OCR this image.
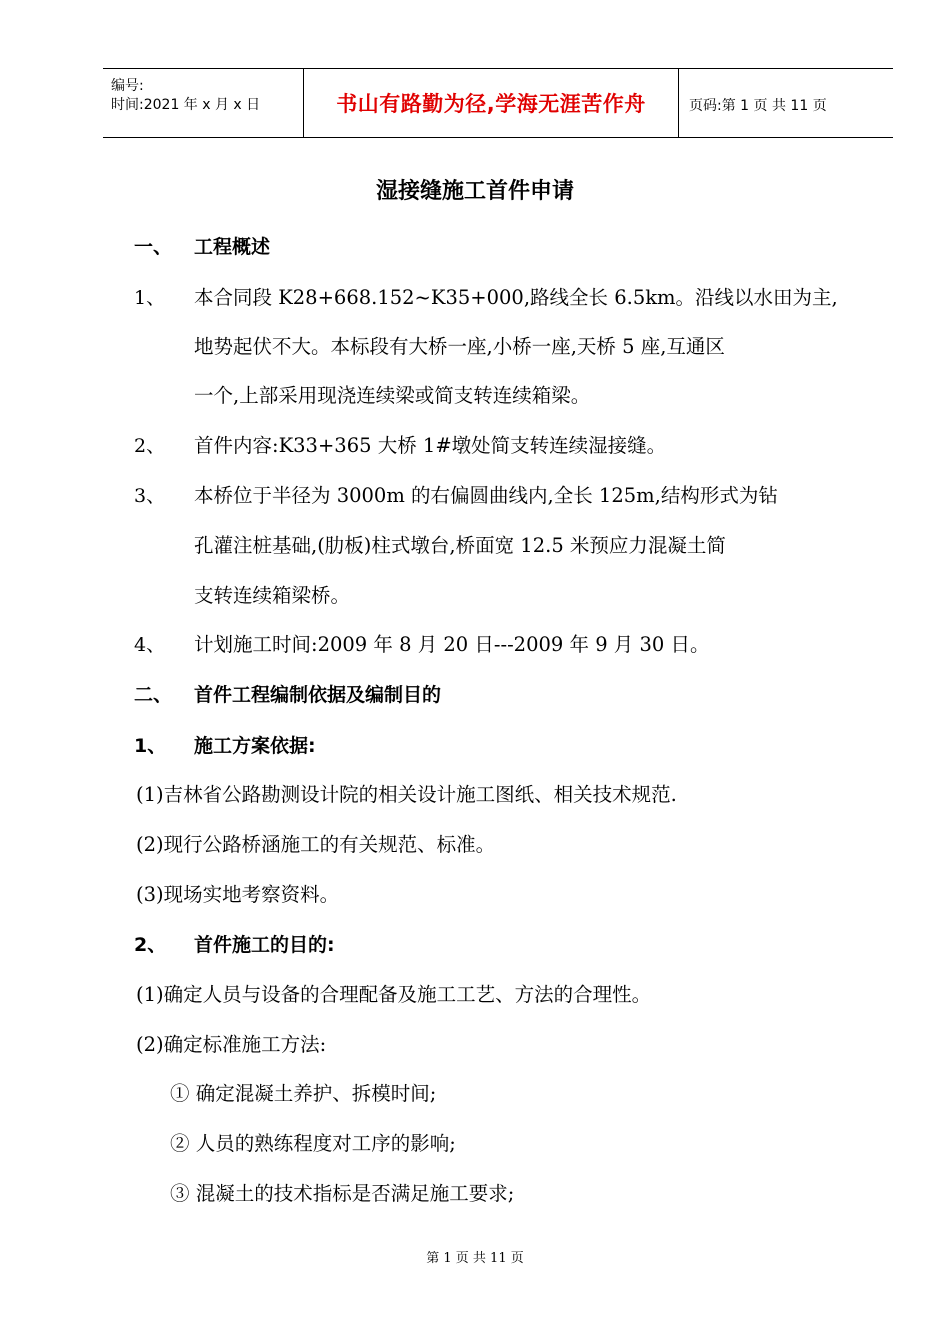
编号:
时间:2021 年 x 月 x 日	书山有路勤为径,学海无涯苦作舟	页码:第 1 页 共 11 页
湿接缝施工首件申请
一、 工程概述
1、 本合同段 K28+668.152~K35+000,路线全长 6.5km。沿线以水田为主,
地势起伏不大。本标段有大桥一座,小桥一座,天桥 5 座,互通区
一个,上部采用现浇连续梁或简支转连续箱梁。
2、 首件内容:K33+365 大桥 1#墩处简支转连续湿接缝。
3、 本桥位于半径为 3000m 的右偏圆曲线内,全长 125m,结构形式为钻
孔灌注桩基础,(肋板)柱式墩台,桥面宽 12.5 米预应力混凝土简
支转连续箱梁桥。
4、 计划施工时间:2009 年 8 月 20 日---2009 年 9 月 30 日。
二、 首件工程编制依据及编制目的
1、 施工方案依据:
(1)吉林省公路勘测设计院的相关设计施工图纸、相关技术规范.
(2)现行公路桥涵施工的有关规范、标准。
(3)现场实地考察资料。
2、 首件施工的目的:
(1)确定人员与设备的合理配备及施工工艺、方法的合理性。
(2)确定标准施工方法:
① 确定混凝土养护、拆模时间;
② 人员的熟练程度对工序的影响;
③ 混凝土的技术指标是否满足施工要求;
第 1 页 共 11 页
